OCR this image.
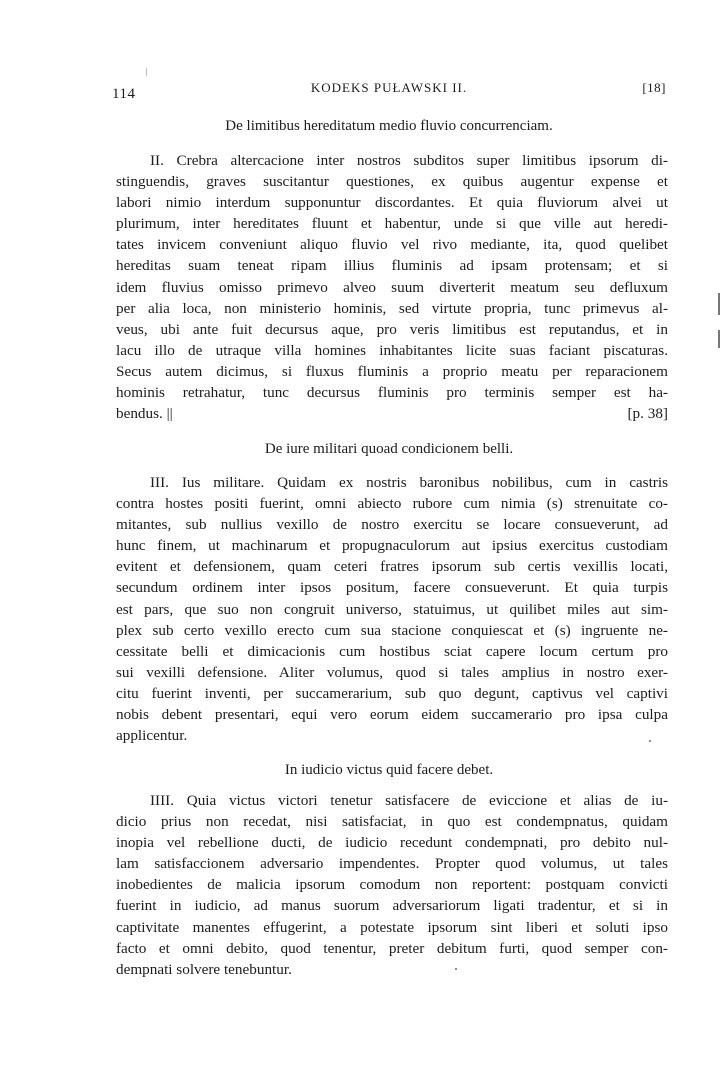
114	KODEKS PUŁAWSKI II.	[18]
De limitibus hereditatum medio fluvio concurrenciam.
II. Crebra altercacione inter nostros subditos super limitibus ipsorum di-
stinguendis, graves suscitantur questiones, ex quibus augentur expense et
labori nimio interdum supponuntur discordantes. Et quia fluviorum alvei ut
plurimum, inter hereditates fluunt et habentur, unde si que ville aut heredi-
tates invicem conveniunt aliquo fluvio vel rivo mediante, ita, quod quelibet
hereditas suam teneat ripam illius fluminis ad ipsam protensam; et si
idem fluvius omisso primevo alveo suum diverterit meatum seu defluxum
per alia loca, non ministerio hominis, sed virtute propria, tunc primevus al-
veus, ubi ante fuit decursus aque, pro veris limitibus est reputandus, et in
lacu illo de utraque villa homines inhabitantes licite suas faciant piscaturas.
Secus autem dicimus, si fluxus fluminis a proprio meatu per reparacionem
hominis retrahatur, tunc decursus fluminis pro terminis semper est ha-
bendus. ||	[p. 38]
De iure militari quoad condicionem belli.
III. Ius militare. Quidam ex nostris baronibus nobilibus, cum in castris
contra hostes positi fuerint, omni abiecto rubore cum nimia (s) strenuitate co-
mitantes, sub nullius vexillo de nostro exercitu se locare consueverunt, ad
hunc finem, ut machinarum et propugnaculorum aut ipsius exercitus custodiam
evitent et defensionem, quam ceteri fratres ipsorum sub certis vexillis locati,
secundum ordinem inter ipsos positum, facere consueverunt. Et quia turpis
est pars, que suo non congruit universo, statuimus, ut quilibet miles aut sim-
plex sub certo vexillo erecto cum sua stacione conquiescat et (s) ingruente ne-
cessitate belli et dimicacionis cum hostibus sciat capere locum certum pro
sui vexilli defensione. Aliter volumus, quod si tales amplius in nostro exer-
citu fuerint inventi, per succamerarium, sub quo degunt, captivus vel captivi
nobis debent presentari, equi vero eorum eidem succamerario pro ipsa culpa
applicentur.
In iudicio victus quid facere debet.
IIII. Quia victus victori tenetur satisfacere de eviccione et alias de iu-
dicio prius non recedat, nisi satisfaciat, in quo est condempnatus, quidam
inopia vel rebellione ducti, de iudicio recedunt condempnati, pro debito nul-
lam satisfaccionem adversario impendentes. Propter quod volumus, ut tales
inobedientes de malicia ipsorum comodum non reportent: postquam convicti
fuerint in iudicio, ad manus suorum adversariorum ligati tradentur, et si in
captivitate manentes effugerint, a potestate ipsorum sint liberi et soluti ipso
facto et omni debito, quod tenentur, preter debitum furti, quod semper con-
dempnati solvere tenebuntur.
